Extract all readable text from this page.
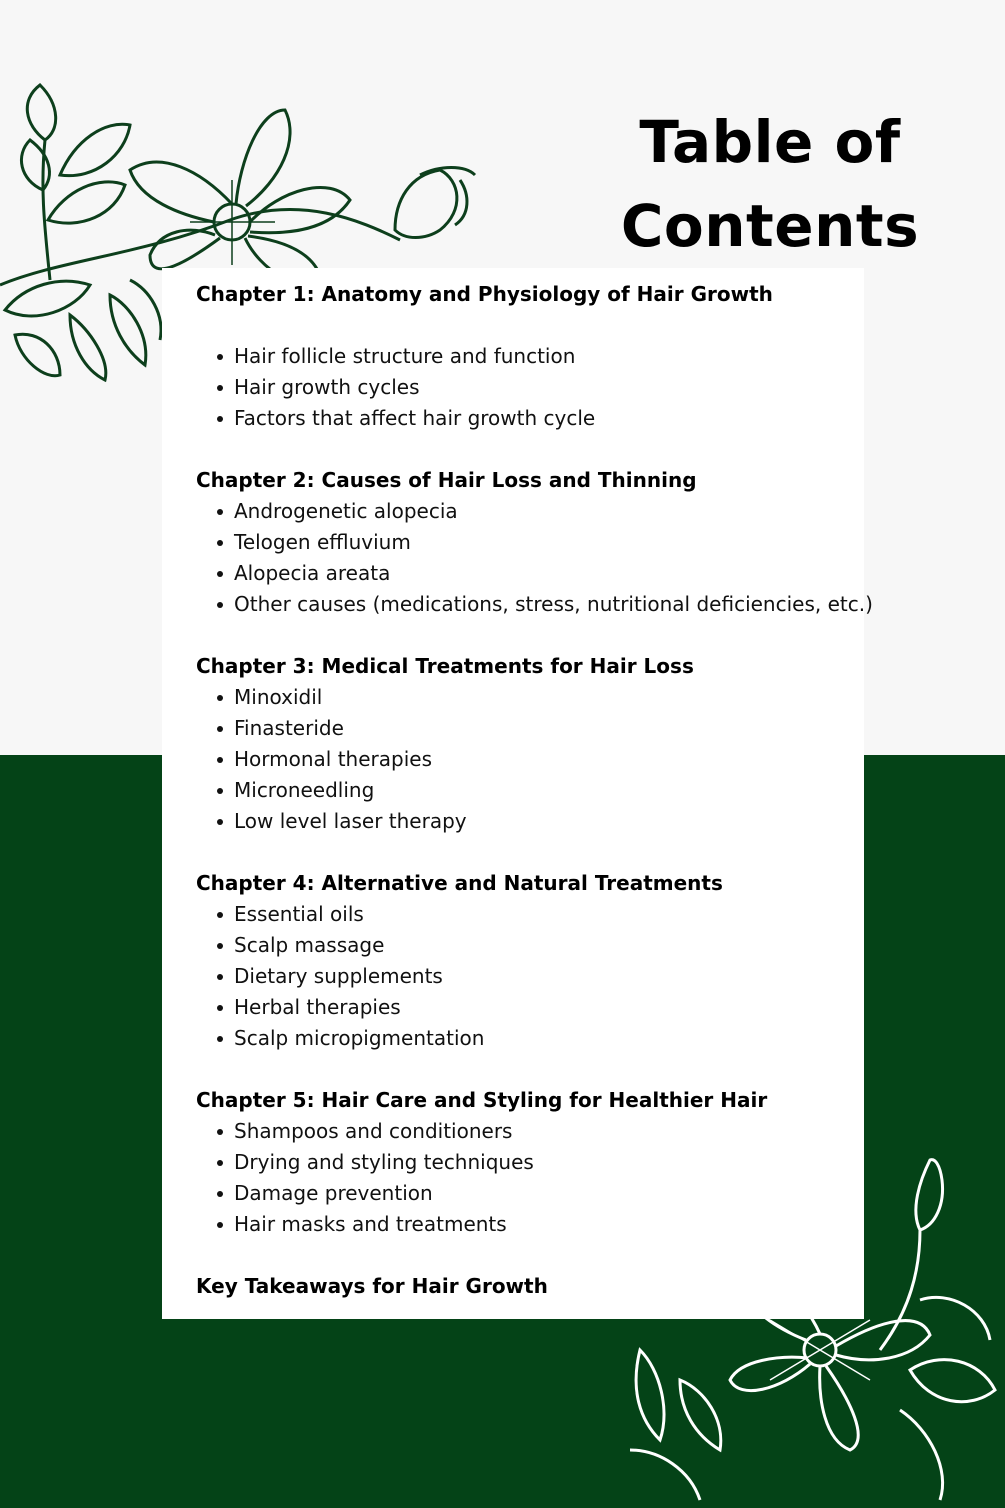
Table of Contents

Chapter 1: Anatomy and Physiology of Hair Growth

Hair follicle structure and function
Hair growth cycles
Factors that affect hair growth cycle

Chapter 2: Causes of Hair Loss and Thinning

Androgenetic alopecia
Telogen effluvium
Alopecia areata
Other causes (medications, stress, nutritional deficiencies, etc.)

Chapter 3: Medical Treatments for Hair Loss

Minoxidil
Finasteride
Hormonal therapies
Microneedling
Low level laser therapy

Chapter 4: Alternative and Natural Treatments

Essential oils
Scalp massage
Dietary supplements
Herbal therapies
Scalp micropigmentation

Chapter 5: Hair Care and Styling for Healthier Hair

Shampoos and conditioners
Drying and styling techniques
Damage prevention
Hair masks and treatments

Key Takeaways for Hair Growth
